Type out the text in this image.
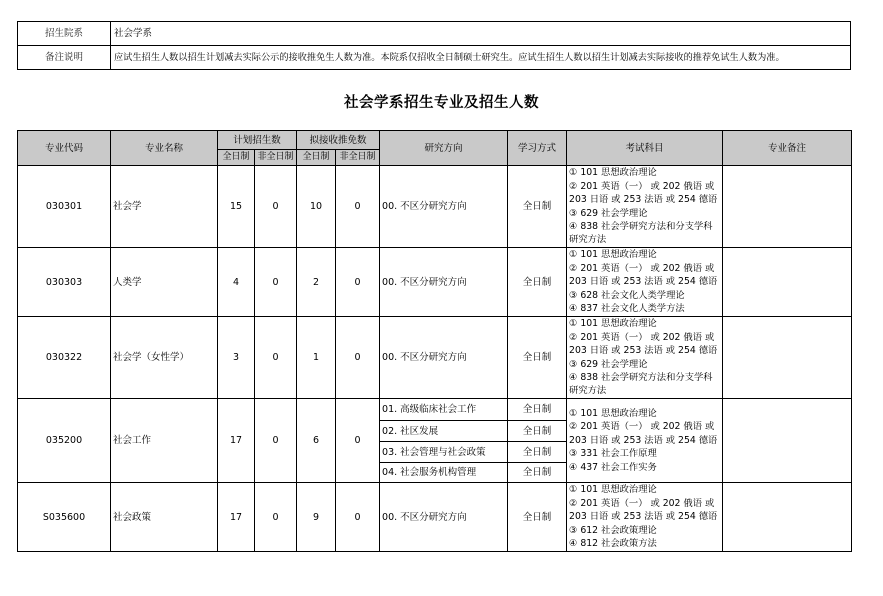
招生院系	社会学系
备注说明	应试生招生人数以招生计划减去实际公示的接收推免生人数为准。本院系仅招收全日制硕士研究生。应试生招生人数以招生计划减去实际接收的推荐免试生人数为准。
社会学系招生专业及招生人数
专业代码	专业名称	计划招生数		拟接收推免数		研究方向	学习方式	考试科目	专业备注
		全日制	非全日制	全日制	非全日制				
030301	社会学	15	0	10	0	00. 不区分研究方向	全日制	① 101 思想政治理论
② 201 英语（一） 或 202 俄语 或 203 日语 或 253 法语 或 254 德语
③ 629 社会学理论
④ 838 社会学研究方法和分支学科研究方法	

030303	人类学	4	0	2	0	00. 不区分研究方向	全日制	① 101 思想政治理论
② 201 英语（一） 或 202 俄语 或 203 日语 或 253 法语 或 254 德语
③ 628 社会文化人类学理论
④ 837 社会文化人类学方法	

030322	社会学（女性学）	3	0	1	0	00. 不区分研究方向	全日制	① 101 思想政治理论
② 201 英语（一） 或 202 俄语 或 203 日语 或 253 法语 或 254 德语
③ 629 社会学理论
④ 838 社会学研究方法和分支学科研究方法	

035200	社会工作	17	0	6	0	01. 高级临床社会工作	全日制	① 101 思想政治理论
② 201 英语（一） 或 202 俄语 或 203 日语 或 253 法语 或 254 德语
③ 331 社会工作原理
④ 437 社会工作实务	

						02. 社区发展	全日制		
						03. 社会管理与社会政策	全日制		
						04. 社会服务机构管理	全日制		
S035600	社会政策	17	0	9	0	00. 不区分研究方向	全日制	① 101 思想政治理论
② 201 英语（一） 或 202 俄语 或 203 日语 或 253 法语 或 254 德语
③ 612 社会政策理论
④ 812 社会政策方法	
